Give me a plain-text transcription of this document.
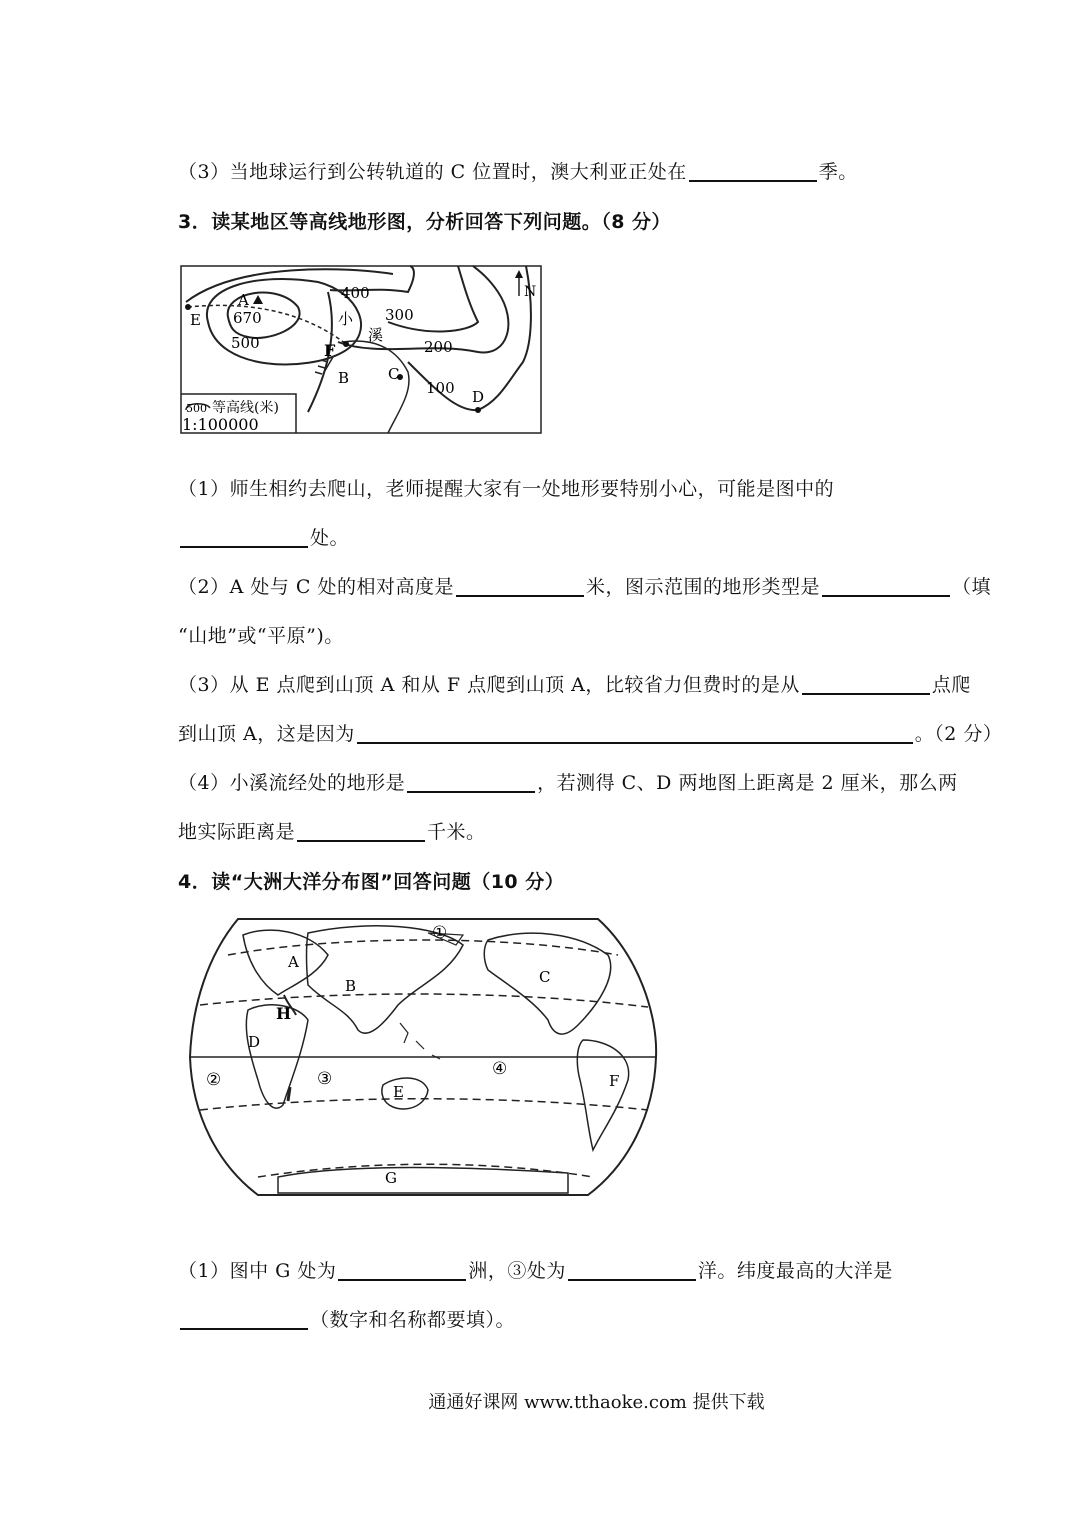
（3）当地球运行到公转轨道的 C 位置时，澳大利亚正处在	季。
3．读某地区等高线地形图，分析回答下列问题。（8 分）
A
670
E
F
B	C
D
400
300
200
100
500
小
溪
N
500 等高线(米)
1:100000
（1）师生相约去爬山，老师提醒大家有一处地形要特别小心，可能是图中的
处。
（2）A 处与 C 处的相对高度是	米，图示范围的地形类型是	（填
“山地”或“平原”)。
（3）从 E 点爬到山顶 A 和从 F 点爬到山顶 A，比较省力但费时的是从	点爬
到山顶 A，这是因为	。（2 分）
（4）小溪流经处的地形是	，若测得 C、D 两地图上距离是 2 厘米，那么两
地实际距离是	千米。
4．读“大洲大洋分布图”回答问题（10 分）
A
B	C
D
E
F
G
H
①
②	③	④
（1）图中 G 处为	洲，③处为	洋。纬度最高的大洋是
（数字和名称都要填）。
通通好课网 www.tthaoke.com 提供下载
